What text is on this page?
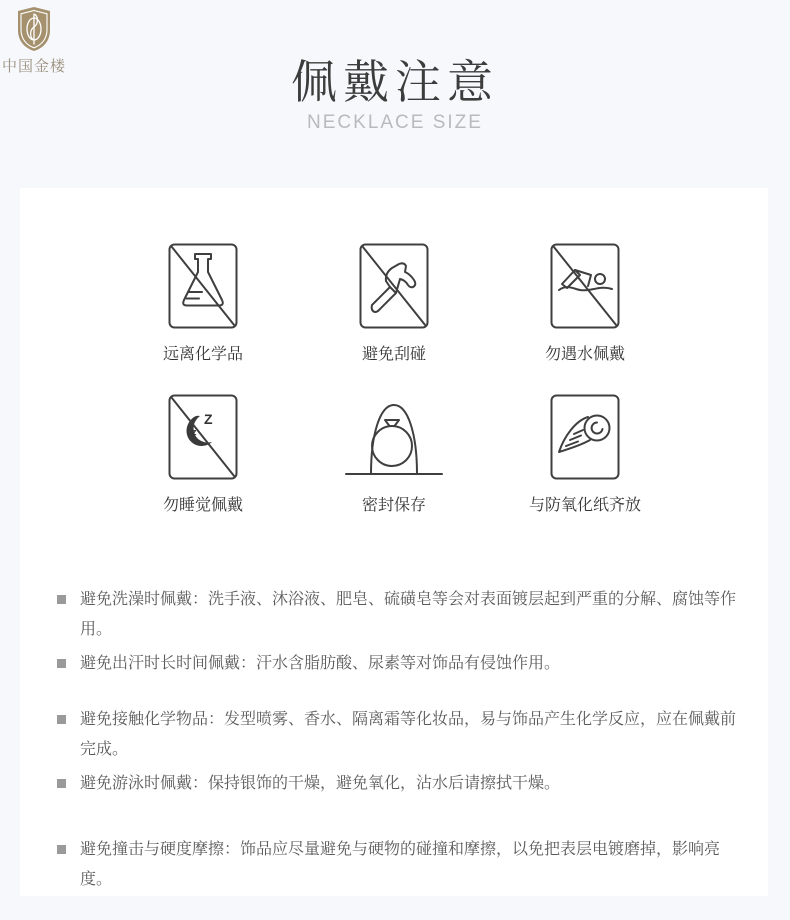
中国金楼	佩戴注意
NECKLACE SIZE
远离化学品	避免刮碰	勿遇水佩戴
Z
z
勿睡觉佩戴	密封保存	与防氧化纸齐放
避免洗澡时佩戴：洗手液、沐浴液、肥皂、硫磺皂等会对表面镀层起到严重的分解、腐蚀等作用。
避免出汗时长时间佩戴：汗水含脂肪酸、尿素等对饰品有侵蚀作用。
避免接触化学物品：发型喷雾、香水、隔离霜等化妆品，易与饰品产生化学反应，应在佩戴前完成。
避免游泳时佩戴：保持银饰的干燥，避免氧化，沾水后请擦拭干燥。
避免撞击与硬度摩擦：饰品应尽量避免与硬物的碰撞和摩擦，以免把表层电镀磨掉，影响亮度。
